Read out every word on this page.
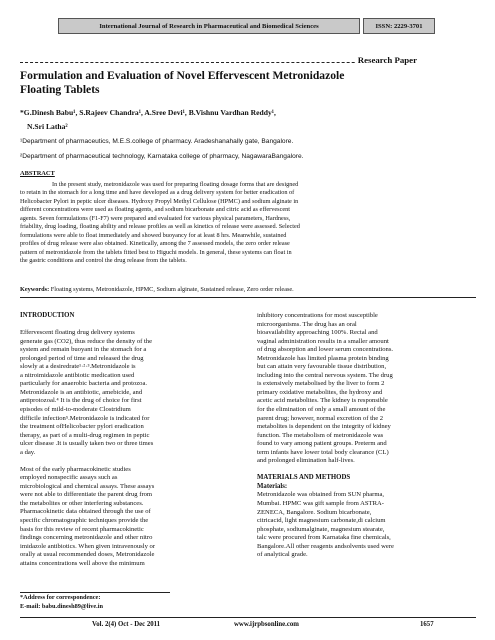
International Journal of Research in Pharmaceutical and Biomedical Sciences	ISSN: 2229-3701
Research Paper
Formulation and Evaluation of Novel Effervescent Metronidazole
Floating Tablets
*G.Dinesh Babu¹, S.Rajeev Chandra¹, A.Sree Devi¹, B.Vishnu Vardhan Reddy¹,
N.Sri Latha²
¹Department of pharmaceutics, M.E.S.college of pharmacy. Aradeshanahally gate, Bangalore.
²Department of pharmaceutical technology, Karnataka college of pharmacy, NagawaraBangalore.
ABSTRACT
In the present study, metronidazole was used for preparing floating dosage forms that are designed
to retain in the stomach for a long time and have developed as a drug delivery system for better eradication of
Helicobacter Pylori in peptic ulcer diseases. Hydroxy Propyl Methyl Cellulose (HPMC) and sodium alginate in
different concentrations were used as floating agents, and sodium bicarbonate and citric acid as effervescent
agents. Seven formulations (F1-F7) were prepared and evaluated for various physical parameters, Hardness,
friability, drug loading, floating ability and release profiles as well as kinetics of release were assessed. Selected
formulations were able to float immediately and showed buoyancy for at least 8 hrs. Meanwhile, sustained
profiles of drug release were also obtained. Kinetically, among the 7 assessed models, the zero order release
pattern of metronidazole from the tablets fitted best to Higuchi models. In general, these systems can float in
the gastric conditions and control the drug release from the tablets.
Keywords: Floating systems, Metronidazole, HPMC, Sodium alginate, Sustained release, Zero order release.
INTRODUCTION

Effervescent floating drug delivery systems
generate gas (CO2), thus reduce the density of the
system and remain buoyant in the stomach for a
prolonged period of time and released the drug
slowly at a desiredrate¹·²·³.Metronidazole is
a nitroimidazole antibiotic medication used
particularly for anaerobic bacteria and protozoa.
Metronidazole is an antibiotic, amebicide, and
antiprotozoal.⁴ It is the drug of choice for first
episodes of mild-to-moderate Clostridium
difficile infection⁵.Metronidazole is indicated for
the treatment ofHelicobacter pylori eradication
therapy, as part of a multi-drug regimen in peptic
ulcer disease .It is usually taken two or three times
a day.

Most of the early pharmacokinetic studies
employed nonspecific assays such as
microbiological and chemical assays. These assays
were not able to differentiate the parent drug from
the metabolites or other interfering substances.
Pharmacokinetic data obtained through the use of
specific chromatographic techniques provide the
basis for this review of recent pharmacokinetic
findings concerning metronidazole and other nitro
imidazole antibiotics. When given intravenously or
orally at usual recommended doses, Metronidazole
attains concentrations well above the minimum

inhibitory concentrations for most susceptible
microorganisms. The drug has an oral
bioavailability approaching 100%. Rectal and
vaginal administration results in a smaller amount
of drug absorption and lower serum concentrations.
Metronidazole has limited plasma protein binding
but can attain very favourable tissue distribution,
including into the central nervous system. The drug
is extensively metabolised by the liver to form 2
primary oxidative metabolites, the hydroxy and
acetic acid metabolites. The kidney is responsible
for the elimination of only a small amount of the
parent drug; however, normal excretion of the 2
metabolites is dependent on the integrity of kidney
function. The metabolism of metronidazole was
found to vary among patient groups. Preterm and
term infants have lower total body clearance (CL)
and prolonged elimination half-lives.

MATERIALS AND METHODS
Materials:

Metronidazole was obtained from SUN pharma,
Mumbai. HPMC was gift sample from ASTRA-
ZENECA, Bangalore. Sodium bicarbonate,
citricacid, light magnesium carbonate,di calcium
phosphate, sodiumalginate, magnesium stearate,
talc were procured from Karnataka fine chemicals,
Bangalore.All other reagents andsolvents used were
of analytical grade.

*Address for correspondence:
E-mail: babu.dinesh89@live.in
Vol. 2(4) Oct - Dec 2011	www.ijrpbsonline.com	1657
